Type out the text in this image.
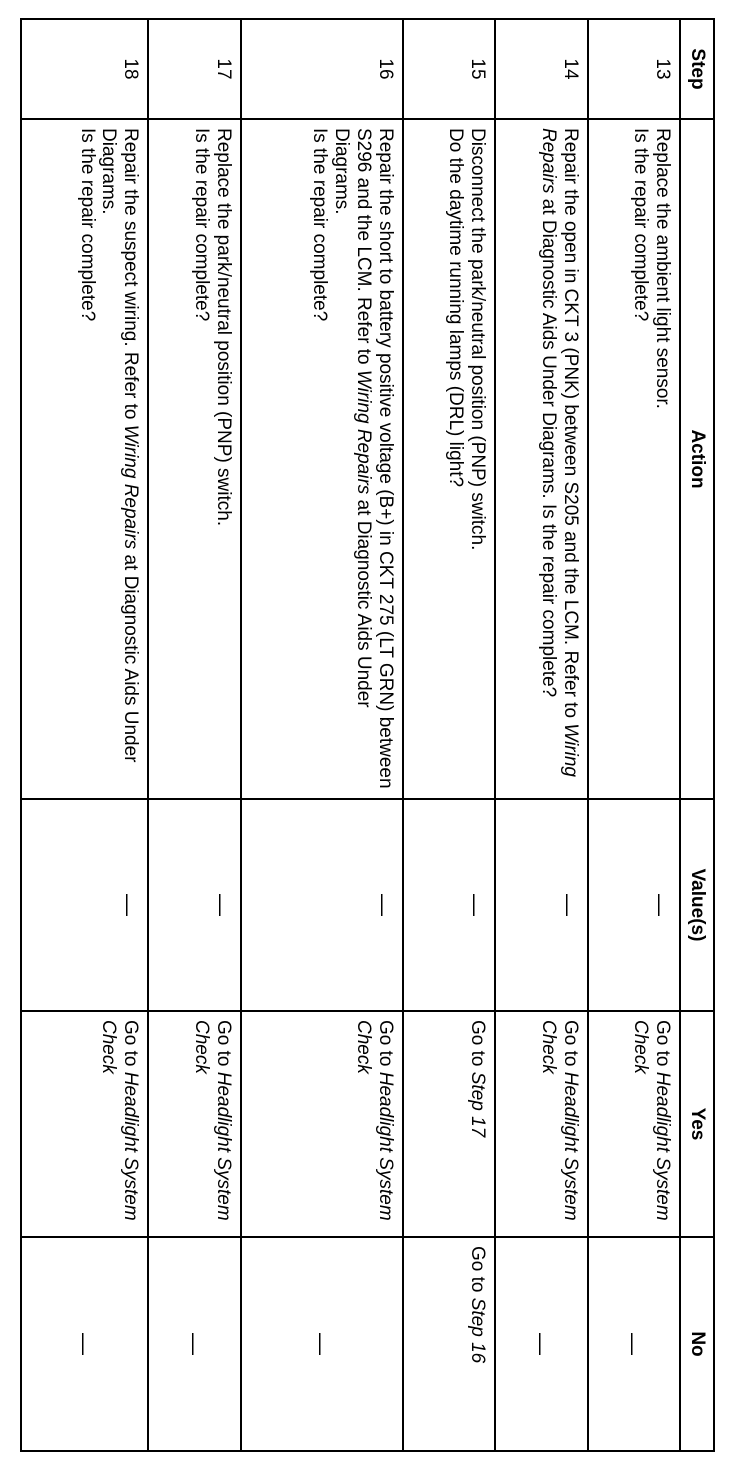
Step	Action	Value(s)	Yes	No
13	Replace the ambient light sensor.
Is the repair complete?	—	Go to Headlight System Check	—
14	Repair the open in CKT 3 (PNK) between S205 and the LCM. Refer to Wiring Repairs at Diagnostic Aids Under Diagrams. Is the repair complete?	—	Go to Headlight System Check	—
15	Disconnect the park/neutral position (PNP) switch.
Do the daytime running lamps (DRL) light?	—	Go to Step 17	Go to Step 16
16	Repair the short to battery positive voltage (B+) in CKT 275 (LT GRN) between S296 and the LCM. Refer to Wiring Repairs at Diagnostic Aids Under Diagrams.
Is the repair complete?	—	Go to Headlight System Check	—
17	Replace the park/neutral position (PNP) switch.
Is the repair complete?	—	Go to Headlight System Check	—
18	Repair the suspect wiring. Refer to Wiring Repairs at Diagnostic Aids Under Diagrams.
Is the repair complete?	—	Go to Headlight System Check	—
